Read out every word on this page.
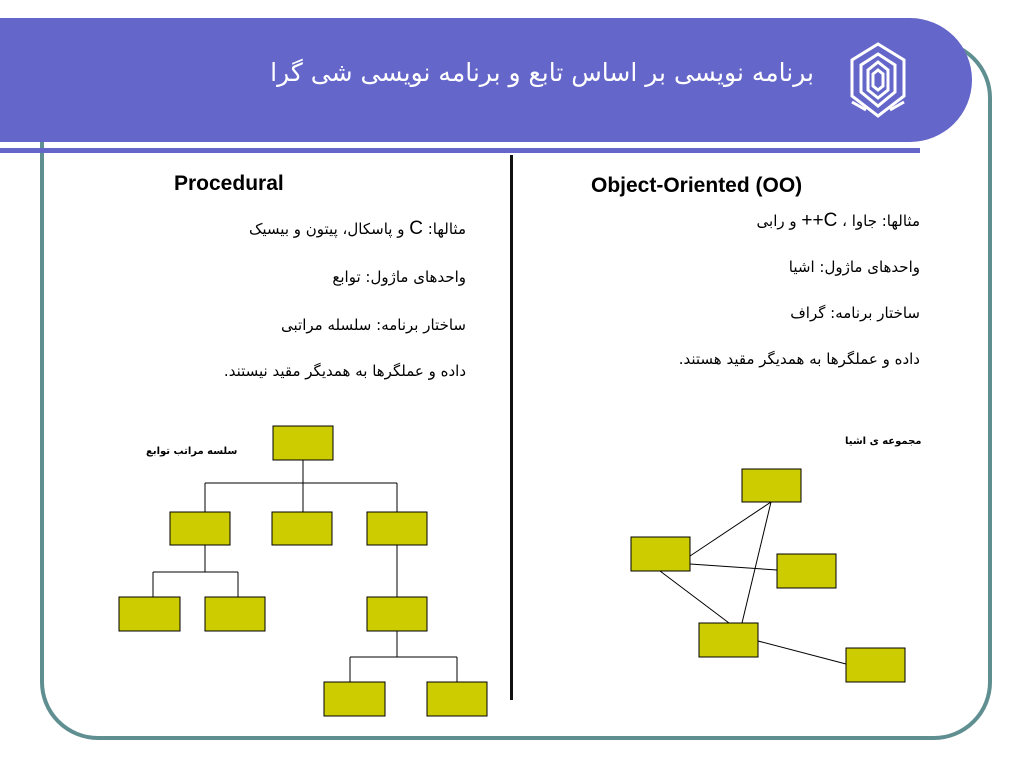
برنامه نویسی بر اساس تابع و برنامه نویسی شی گرا
Procedural
مثالها: C و پاسکال، پیتون و بیسیک
واحدهای ماژول: توابع
ساختار برنامه: سلسله مراتبی
داده و عملگرها به همدیگر مقید نیستند.
سلسه مراتب توابع
Object-Oriented (OO)
مثالها: جاوا ، C++ و رابی
واحدهای ماژول: اشیا
ساختار برنامه: گراف
داده و عملگرها به همدیگر مقید هستند.
مجموعه ی اشیا
